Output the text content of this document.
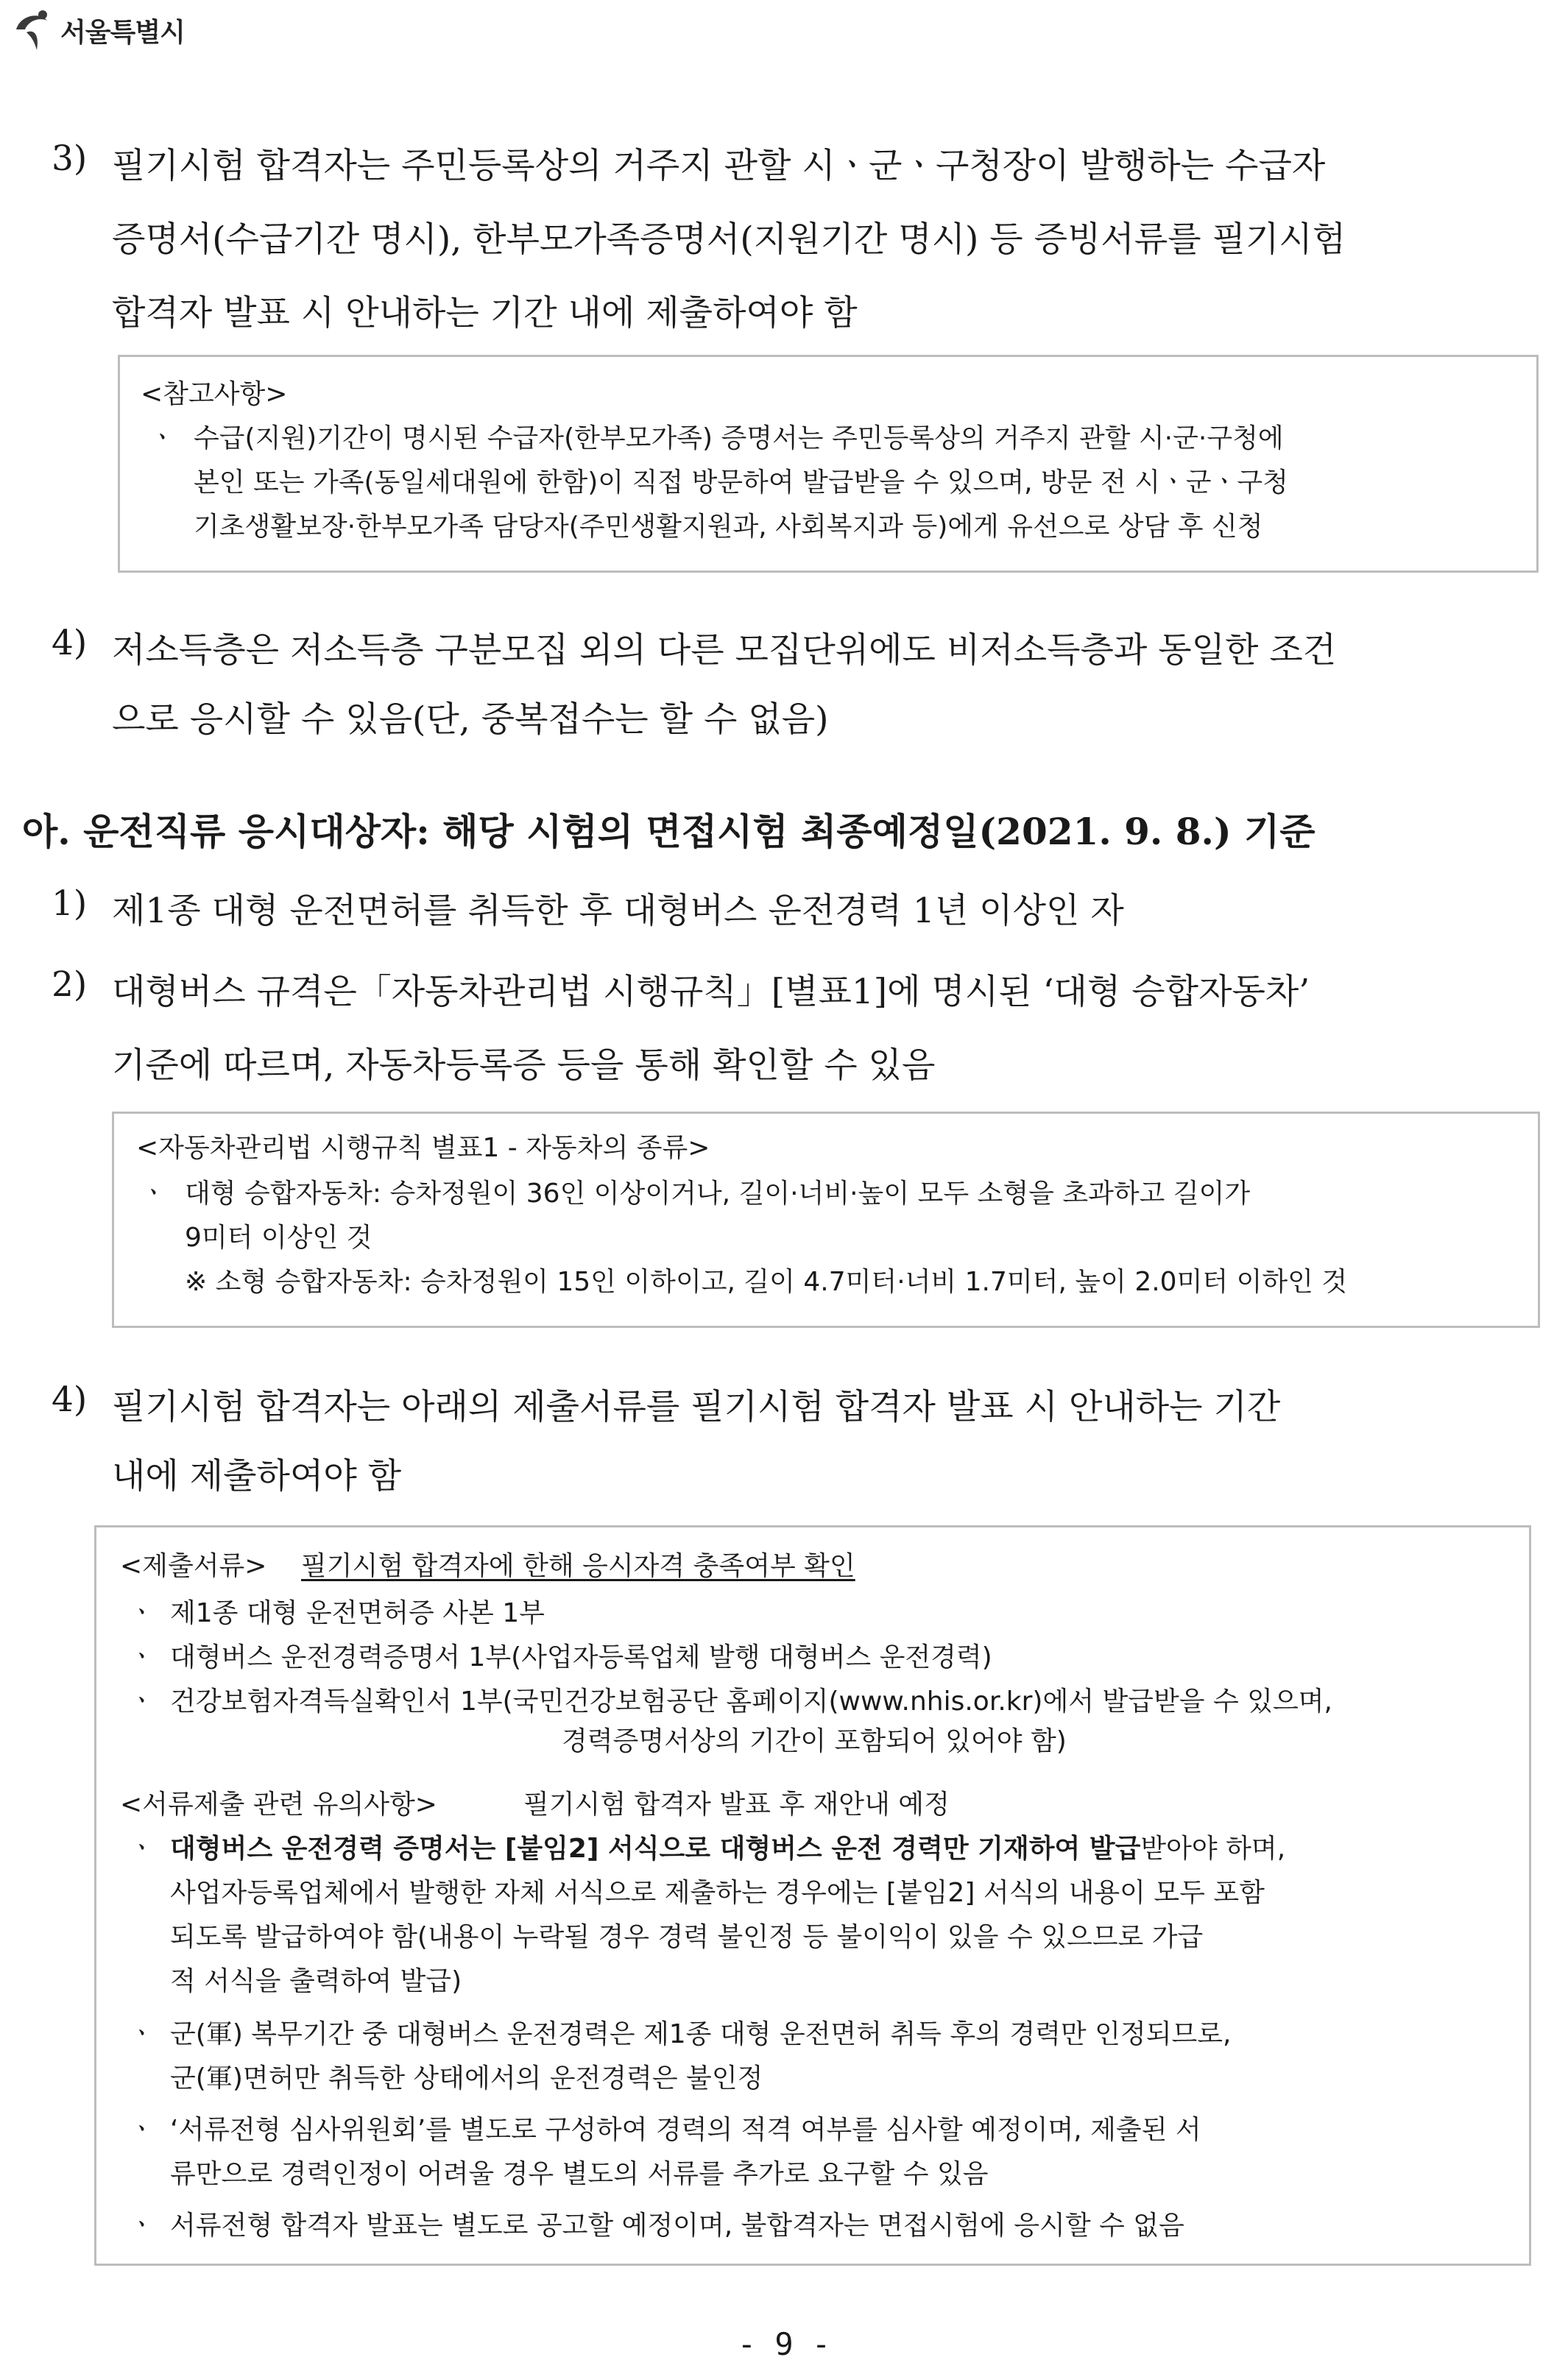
서울특별시
3) 필기시험 합격자는 주민등록상의 거주지 관할 시ㆍ군ㆍ구청장이 발행하는 수급자
증명서(수급기간 명시), 한부모가족증명서(지원기간 명시) 등 증빙서류를 필기시험
합격자 발표 시 안내하는 기간 내에 제출하여야 함
<참고사항>
ㆍ 수급(지원)기간이 명시된 수급자(한부모가족) 증명서는 주민등록상의 거주지 관할 시·군·구청에
본인 또는 가족(동일세대원에 한함)이 직접 방문하여 발급받을 수 있으며, 방문 전 시ㆍ군ㆍ구청
기초생활보장·한부모가족 담당자(주민생활지원과, 사회복지과 등)에게 유선으로 상담 후 신청
4) 저소득층은 저소득층 구분모집 외의 다른 모집단위에도 비저소득층과 동일한 조건
으로 응시할 수 있음(단, 중복접수는 할 수 없음)
아. 운전직류 응시대상자: 해당 시험의 면접시험 최종예정일(2021. 9. 8.) 기준
1) 제1종 대형 운전면허를 취득한 후 대형버스 운전경력 1년 이상인 자
2) 대형버스 규격은「자동차관리법 시행규칙」[별표1]에 명시된 ‘대형 승합자동차’
기준에 따르며, 자동차등록증 등을 통해 확인할 수 있음
<자동차관리법 시행규칙 별표1 - 자동차의 종류>
ㆍ 대형 승합자동차: 승차정원이 36인 이상이거나, 길이·너비·높이 모두 소형을 초과하고 길이가
9미터 이상인 것
※ 소형 승합자동차: 승차정원이 15인 이하이고, 길이 4.7미터·너비 1.7미터, 높이 2.0미터 이하인 것
4) 필기시험 합격자는 아래의 제출서류를 필기시험 합격자 발표 시 안내하는 기간
내에 제출하여야 함
<제출서류> 필기시험 합격자에 한해 응시자격 충족여부 확인
ㆍ 제1종 대형 운전면허증 사본 1부
ㆍ 대형버스 운전경력증명서 1부(사업자등록업체 발행 대형버스 운전경력)
ㆍ 건강보험자격득실확인서 1부(국민건강보험공단 홈페이지(www.nhis.or.kr)에서 발급받을 수 있으며,
경력증명서상의 기간이 포함되어 있어야 함)
<서류제출 관련 유의사항>	필기시험 합격자 발표 후 재안내 예정
ㆍ 대형버스 운전경력 증명서는 [붙임2] 서식으로 대형버스 운전 경력만 기재하여 발급받아야 하며,
사업자등록업체에서 발행한 자체 서식으로 제출하는 경우에는 [붙임2] 서식의 내용이 모두 포함
되도록 발급하여야 함(내용이 누락될 경우 경력 불인정 등 불이익이 있을 수 있으므로 가급
적 서식을 출력하여 발급)
ㆍ 군(軍) 복무기간 중 대형버스 운전경력은 제1종 대형 운전면허 취득 후의 경력만 인정되므로,
군(軍)면허만 취득한 상태에서의 운전경력은 불인정
ㆍ ‘서류전형 심사위원회’를 별도로 구성하여 경력의 적격 여부를 심사할 예정이며, 제출된 서
류만으로 경력인정이 어려울 경우 별도의 서류를 추가로 요구할 수 있음
ㆍ 서류전형 합격자 발표는 별도로 공고할 예정이며, 불합격자는 면접시험에 응시할 수 없음
- 9 -
